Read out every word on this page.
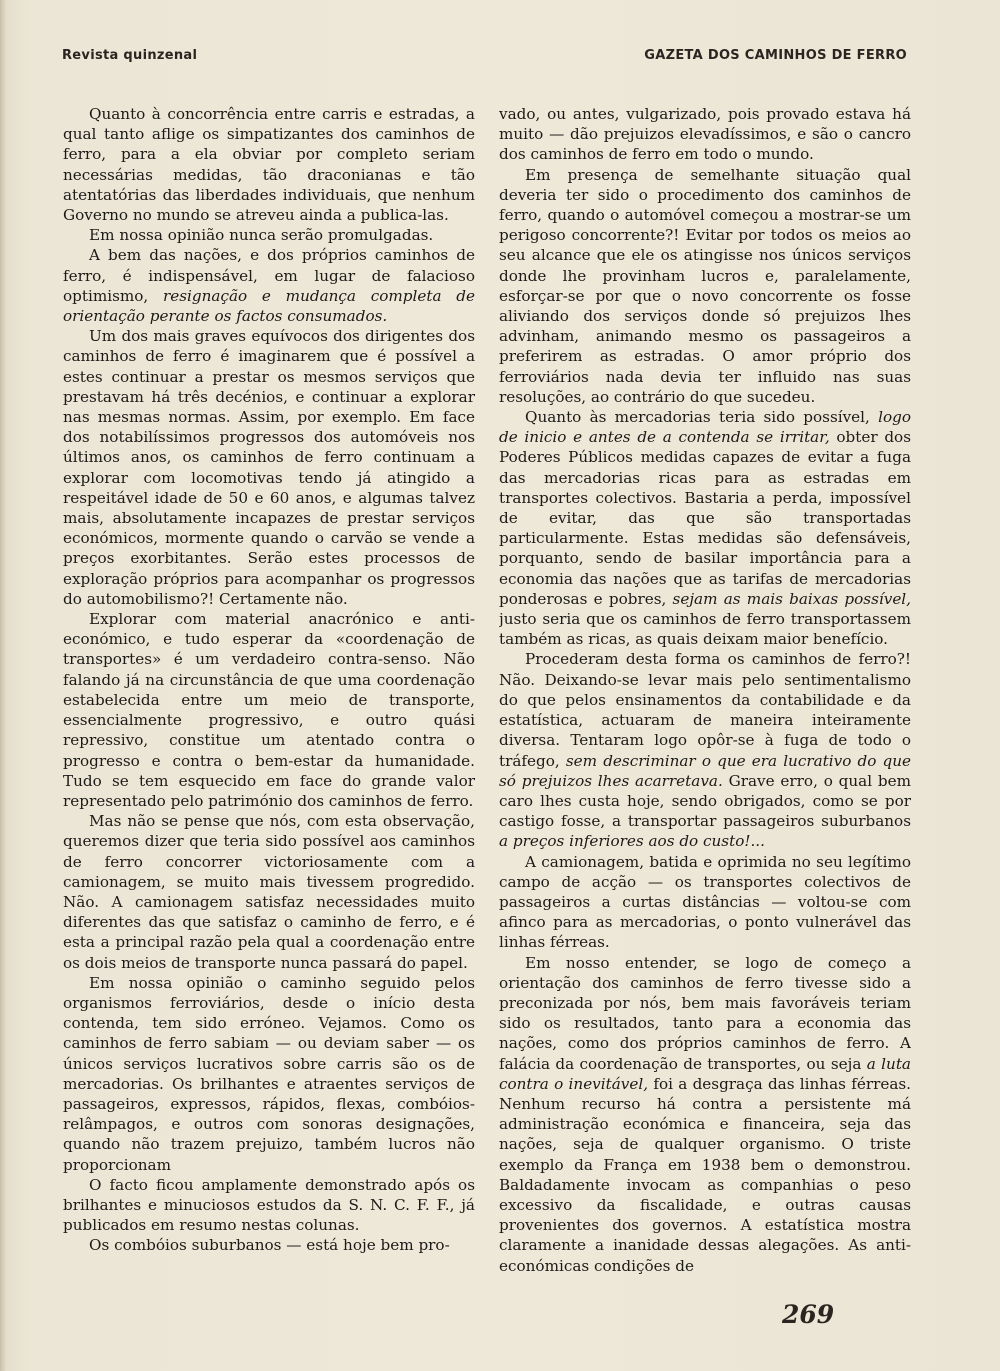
Revista quinzenal	GAZETA DOS CAMINHOS DE FERRO

Quanto à concorrência entre carris e estradas, a qual tanto aflige os simpatizantes dos caminhos de ferro, para a ela obviar por completo seriam necessárias medidas, tão draconianas e tão atentatórias das liberdades individuais, que nenhum Governo no mundo se atreveu ainda a publica-las.

Em nossa opinião nunca serão promulgadas.

A bem das nações, e dos próprios caminhos de ferro, é indispensável, em lugar de falacioso optimismo, resignação e mudança completa de orientação perante os factos consumados.

Um dos mais graves equívocos dos dirigentes dos caminhos de ferro é imaginarem que é possível a estes continuar a prestar os mesmos serviços que prestavam há três decénios, e continuar a explorar nas mesmas normas. Assim, por exemplo. Em face dos notabilíssimos progressos dos automóveis nos últimos anos, os caminhos de ferro continuam a explorar com locomotivas tendo já atingido a respeitável idade de 50 e 60 anos, e algumas talvez mais, absolutamente incapazes de prestar serviços económicos, mormente quando o carvão se vende a preços exorbitantes. Serão estes processos de exploração próprios para acompanhar os progressos do automobilismo?! Certamente não.

Explorar com material anacrónico e anti-económico, e tudo esperar da «coordenação de transportes» é um verdadeiro contra-senso. Não falando já na circunstância de que uma coordenação estabelecida entre um meio de transporte, essencialmente progressivo, e outro quási repressivo, constitue um atentado contra o progresso e contra o bem-estar da humanidade. Tudo se tem esquecido em face do grande valor representado pelo património dos caminhos de ferro.

Mas não se pense que nós, com esta observação, queremos dizer que teria sido possível aos caminhos de ferro concorrer victoriosamente com a camionagem, se muito mais tivessem progredido. Não. A camionagem satisfaz necessidades muito diferentes das que satisfaz o caminho de ferro, e é esta a principal razão pela qual a coordenação entre os dois meios de transporte nunca passará do papel.

Em nossa opinião o caminho seguido pelos organismos ferroviários, desde o início desta contenda, tem sido erróneo. Vejamos. Como os caminhos de ferro sabiam — ou deviam saber — os únicos serviços lucrativos sobre carris são os de mercadorias. Os brilhantes e atraentes serviços de passageiros, expressos, rápidos, flexas, combóios-relâmpagos, e outros com sonoras designações, quando não trazem prejuizo, também lucros não proporcionam

O facto ficou amplamente demonstrado após os brilhantes e minuciosos estudos da S. N. C. F. F., já publicados em resumo nestas colunas.

Os combóios suburbanos — está hoje bem pro-

vado, ou antes, vulgarizado, pois provado estava há muito — dão prejuizos elevadíssimos, e são o cancro dos caminhos de ferro em todo o mundo.

Em presença de semelhante situação qual deveria ter sido o procedimento dos caminhos de ferro, quando o automóvel começou a mostrar-se um perigoso concorrente?! Evitar por todos os meios ao seu alcance que ele os atingisse nos únicos serviços donde lhe provinham lucros e, paralelamente, esforçar-se por que o novo concorrente os fosse aliviando dos serviços donde só prejuizos lhes advinham, animando mesmo os passageiros a preferirem as estradas. O amor próprio dos ferroviários nada devia ter influido nas suas resoluções, ao contrário do que sucedeu.

Quanto às mercadorias teria sido possível, logo de inicio e antes de a contenda se irritar, obter dos Poderes Públicos medidas capazes de evitar a fuga das mercadorias ricas para as estradas em transportes colectivos. Bastaria a perda, impossível de evitar, das que são transportadas particularmente. Estas medidas são defensáveis, porquanto, sendo de basilar importância para a economia das nações que as tarifas de mercadorias ponderosas e pobres, sejam as mais baixas possível, justo seria que os caminhos de ferro transportassem também as ricas, as quais deixam maior benefício.

Procederam desta forma os caminhos de ferro?! Não. Deixando-se levar mais pelo sentimentalismo do que pelos ensinamentos da contabilidade e da estatística, actuaram de maneira inteiramente diversa. Tentaram logo opôr-se à fuga de todo o tráfego, sem descriminar o que era lucrativo do que só prejuizos lhes acarretava. Grave erro, o qual bem caro lhes custa hoje, sendo obrigados, como se por castigo fosse, a transportar passageiros suburbanos a preços inferiores aos do custo!...

A camionagem, batida e oprimida no seu legítimo campo de acção — os transportes colectivos de passageiros a curtas distâncias — voltou-se com afinco para as mercadorias, o ponto vulnerável das linhas férreas.

Em nosso entender, se logo de começo a orientação dos caminhos de ferro tivesse sido a preconizada por nós, bem mais favoráveis teriam sido os resultados, tanto para a economia das nações, como dos próprios caminhos de ferro. A falácia da coordenação de transportes, ou seja a luta contra o inevitável, foi a desgraça das linhas férreas. Nenhum recurso há contra a persistente má administração económica e financeira, seja das nações, seja de qualquer organismo. O triste exemplo da França em 1938 bem o demonstrou. Baldadamente invocam as companhias o peso excessivo da fiscalidade, e outras causas provenientes dos governos. A estatística mostra claramente a inanidade dessas alegações. As anti-económicas condições de

269
